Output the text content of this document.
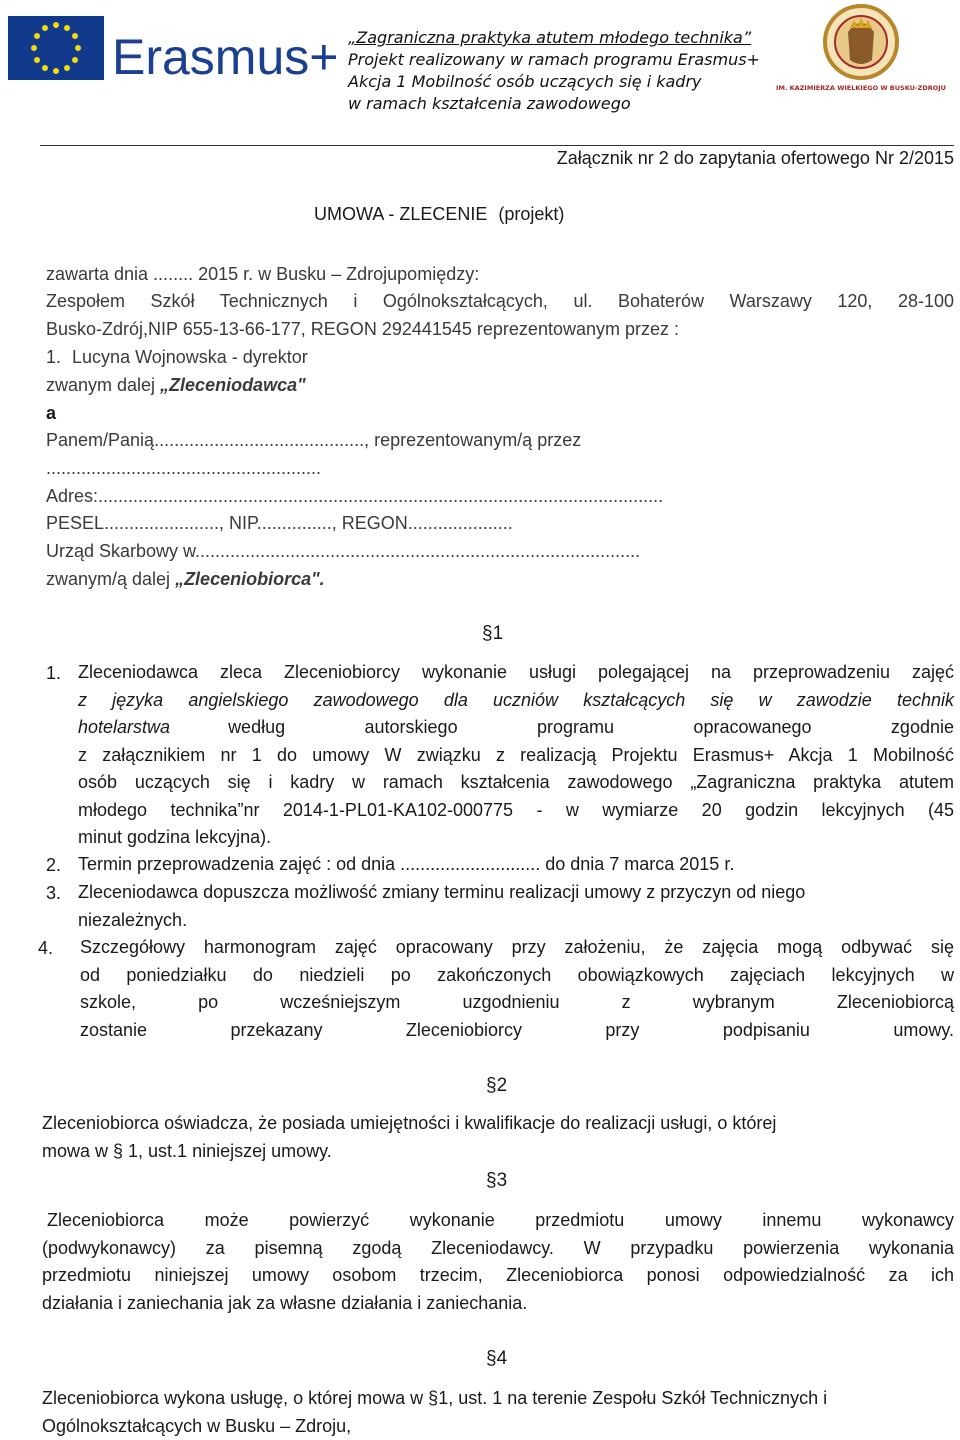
Erasmus+ „Zagraniczna praktyka atutem młodego technika”
Projekt realizowany w ramach programu Erasmus+
Akcja 1 Mobilność osób uczących się i kadry
w ramach kształcenia zawodowego
IM. KAZIMIERZA WIELKIEGO W BUSKU-ZDROJU
Załącznik nr 2 do zapytania ofertowego Nr 2/2015
UMOWA - ZLECENIE (projekt)
zawarta dnia ........ 2015 r. w Busku – Zdrojupomiędzy:
Zespołem Szkół Technicznych i Ogólnokształcących, ul. Bohaterów Warszawy 120, 28-100
Busko-Zdrój,NIP 655-13-66-177, REGON 292441545 reprezentowanym przez :
1. Lucyna Wojnowska - dyrektor
zwanym dalej „Zleceniodawca"
a
Panem/Panią.........................................., reprezentowanym/ą przez
.......................................................
Adres:.................................................................................................................
PESEL......................., NIP..............., REGON.....................
Urząd Skarbowy w.........................................................................................
zwanym/ą dalej „Zleceniobiorca".
§1
1. Zleceniodawca zleca Zleceniobiorcy wykonanie usługi polegającej na przeprowadzeniu zajęć
z języka angielskiego zawodowego dla uczniów kształcących się w zawodzie technik
hotelarstwa	według autorskiego programu opracowanego zgodnie
z załącznikiem nr 1 do umowy W związku z realizacją Projektu Erasmus+ Akcja 1 Mobilność
osób uczących się i kadry w ramach kształcenia zawodowego „Zagraniczna praktyka atutem
młodego technika”nr 2014-1-PL01-KA102-000775 - w wymiarze 20 godzin lekcyjnych (45
minut godzina lekcyjna).
2. Termin przeprowadzenia zajęć : od dnia ............................ do dnia 7 marca 2015 r.
3. Zleceniodawca dopuszcza możliwość zmiany terminu realizacji umowy z przyczyn od niego
niezależnych.
4. Szczegółowy harmonogram zajęć opracowany przy założeniu, że zajęcia mogą odbywać się
od poniedziałku do niedzieli po zakończonych obowiązkowych zajęciach lekcyjnych w
szkole, po wcześniejszym uzgodnieniu z wybranym Zleceniobiorcą
zostanie przekazany Zleceniobiorcy przy podpisaniu umowy.
§2
Zleceniobiorca oświadcza, że posiada umiejętności i kwalifikacje do realizacji usługi, o której
mowa w § 1, ust.1 niniejszej umowy.
§3
Zleceniobiorca może powierzyć wykonanie przedmiotu umowy innemu wykonawcy
(podwykonawcy) za pisemną zgodą Zleceniodawcy. W przypadku powierzenia wykonania
przedmiotu niniejszej umowy osobom trzecim, Zleceniobiorca ponosi odpowiedzialność za ich
działania i zaniechania jak za własne działania i zaniechania.
§4
Zleceniobiorca wykona usługę, o której mowa w §1, ust. 1 na terenie Zespołu Szkół Technicznych i
Ogólnokształcących w Busku – Zdroju,
